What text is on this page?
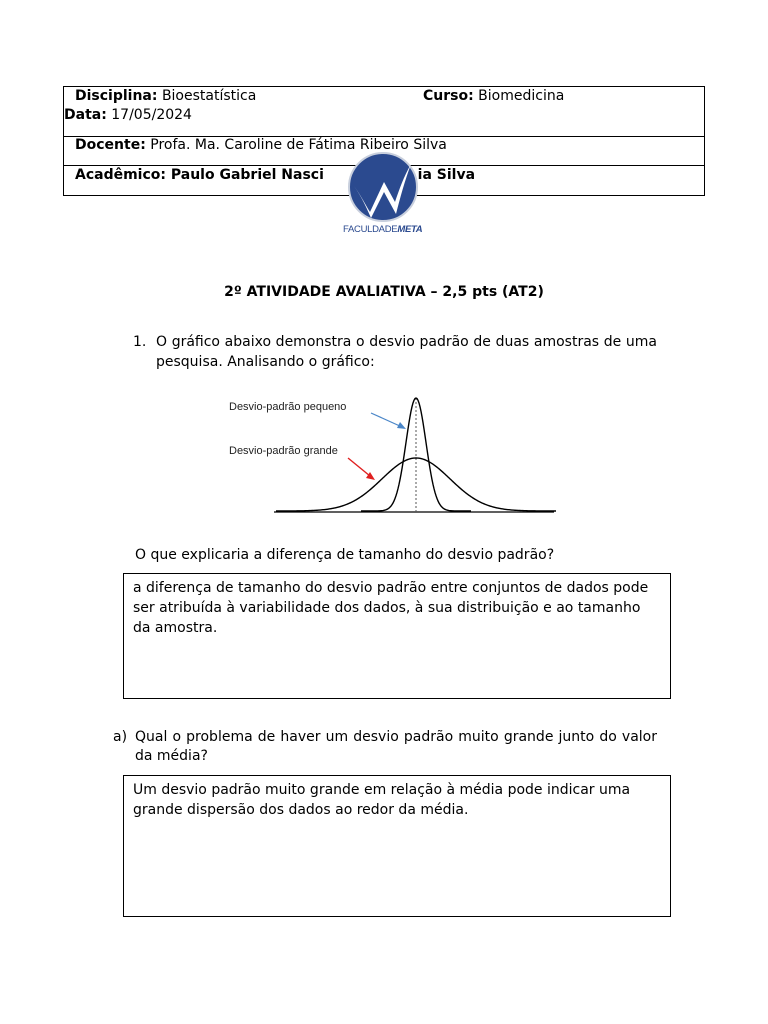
Disciplina: Bioestatística	Curso: Biomedicina
Data: 17/05/2024
Docente: Profa. Ma. Caroline de Fátima Ribeiro Silva
Acadêmico: Paulo Gabriel Nasci	ia Silva
FACULDADEMETA
2º ATIVIDADE AVALIATIVA – 2,5 pts (AT2)
1. O gráfico abaixo demonstra o desvio padrão de duas amostras de uma pesquisa. Analisando o gráfico:
Desvio-padrão pequeno
Desvio-padrão grande
O que explicaria a diferença de tamanho do desvio padrão?
a diferença de tamanho do desvio padrão entre conjuntos de dados pode ser atribuída à variabilidade dos dados, à sua distribuição e ao tamanho da amostra.
a) Qual o problema de haver um desvio padrão muito grande junto do valor da média?
Um desvio padrão muito grande em relação à média pode indicar uma grande dispersão dos dados ao redor da média.
